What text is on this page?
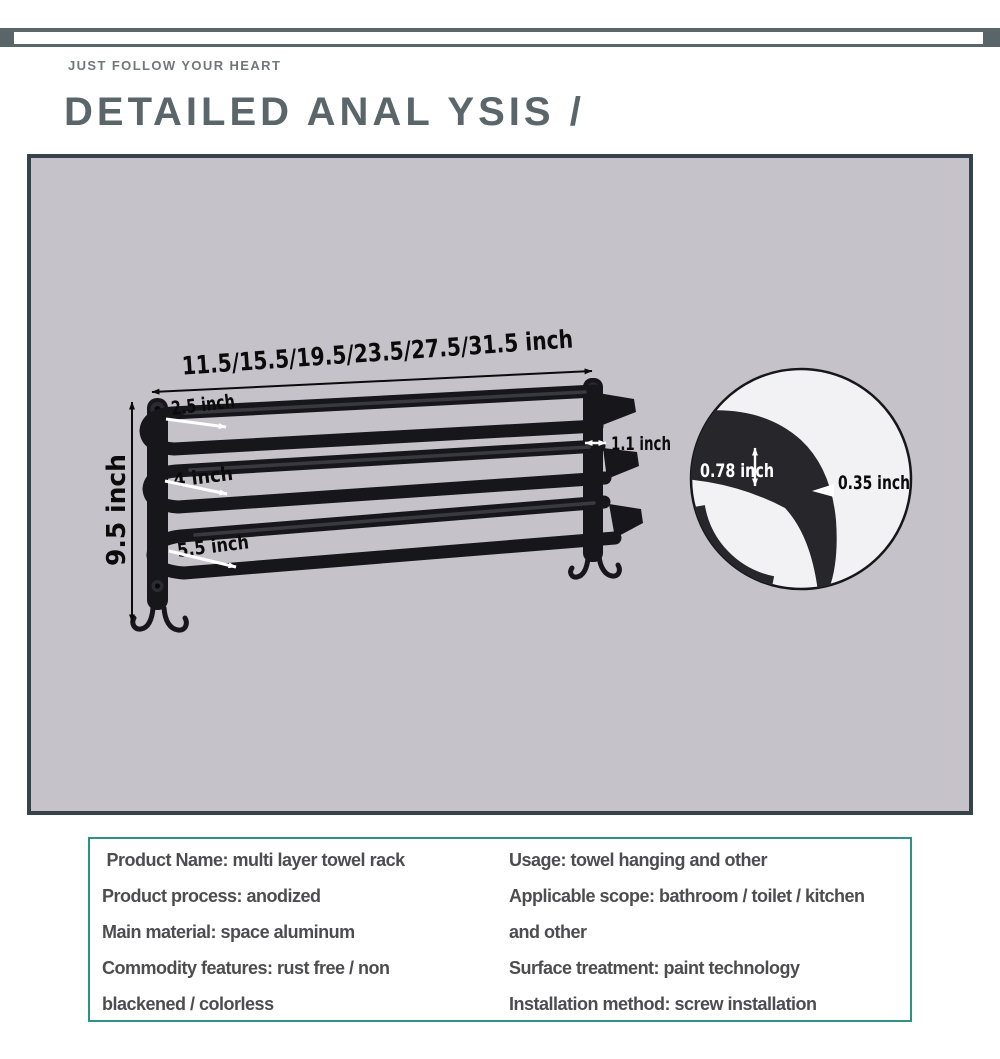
JUST FOLLOW YOUR HEART
DETAILED ANAL YSIS /
11.5/15.5/19.5/23.5/27.5/31.5 inch
9.5 inch
2.5 inch
4 inch
5.5 inch
1.1 inch
0.78 inch
0.35 inch

Product Name: multi layer towel rack

Product process: anodized

Main material: space aluminum

Commodity features: rust free / non

blackened / colorless

Usage: towel hanging and other

Applicable scope: bathroom / toilet / kitchen

and other

Surface treatment: paint technology

Installation method: screw installation
